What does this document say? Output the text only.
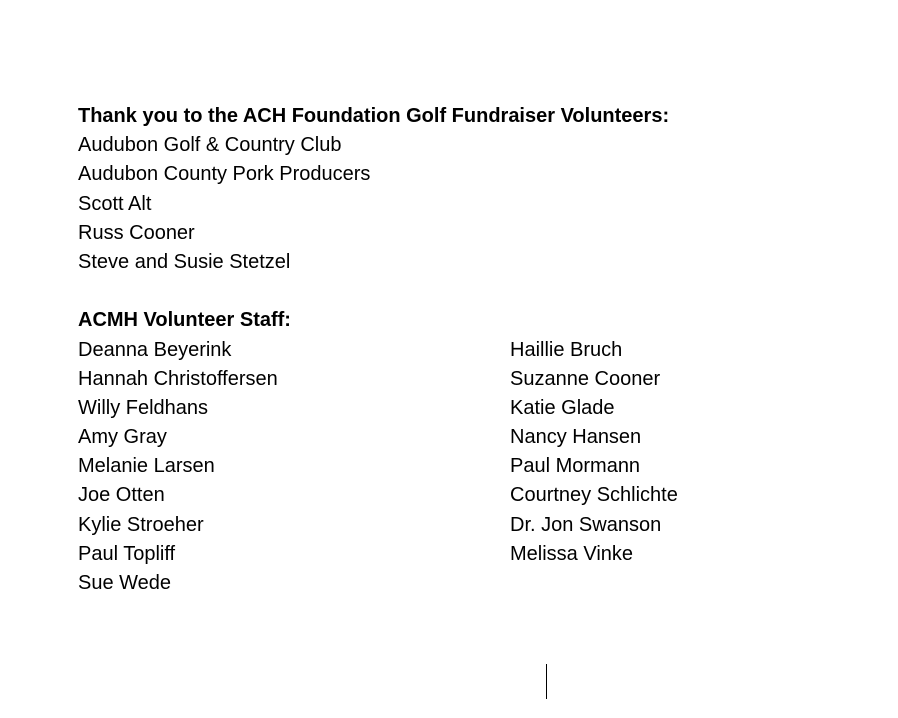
Thank you to the ACH Foundation Golf Fundraiser Volunteers:
Audubon Golf & Country Club
Audubon County Pork Producers
Scott Alt
Russ Cooner
Steve and Susie Stetzel
ACMH Volunteer Staff:
Deanna Beyerink
Hannah Christoffersen
Willy Feldhans
Amy Gray
Melanie Larsen
Joe Otten
Kylie Stroeher
Paul Topliff
Sue Wede
Haillie Bruch
Suzanne Cooner
Katie Glade
Nancy Hansen
Paul Mormann
Courtney Schlichte
Dr. Jon Swanson
Melissa Vinke
